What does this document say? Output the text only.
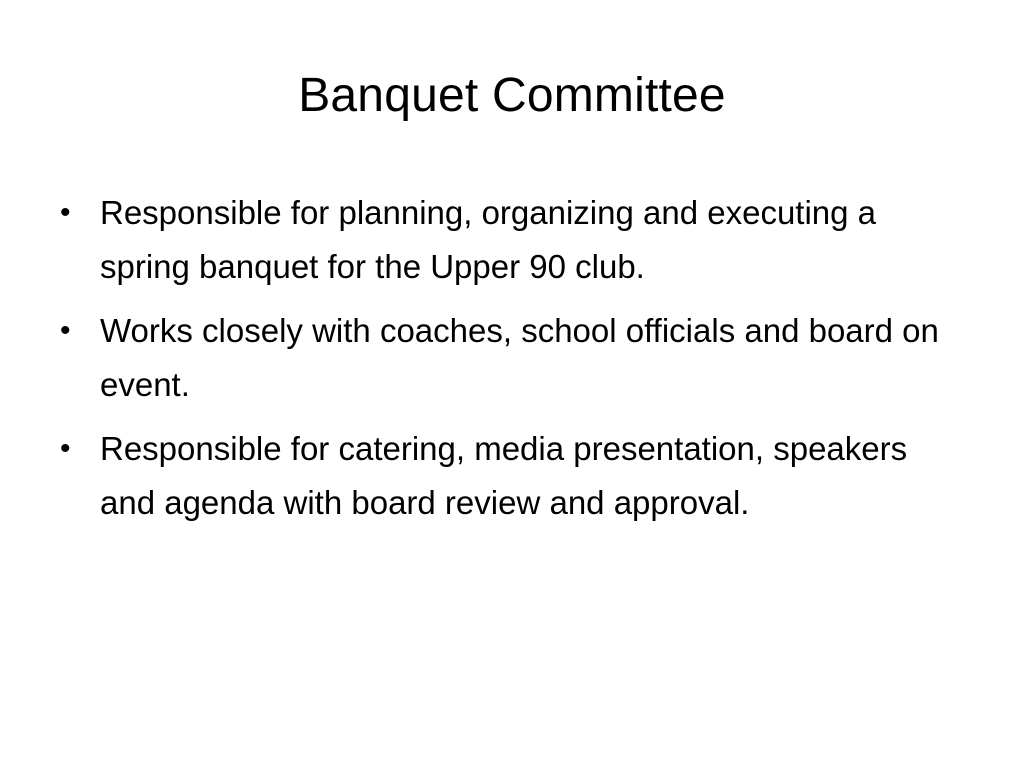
Banquet Committee
• Responsible for planning, organizing and executing a spring banquet for the Upper 90 club.
• Works closely with coaches, school officials and board on event.
• Responsible for catering, media presentation, speakers and agenda with board review and approval.
